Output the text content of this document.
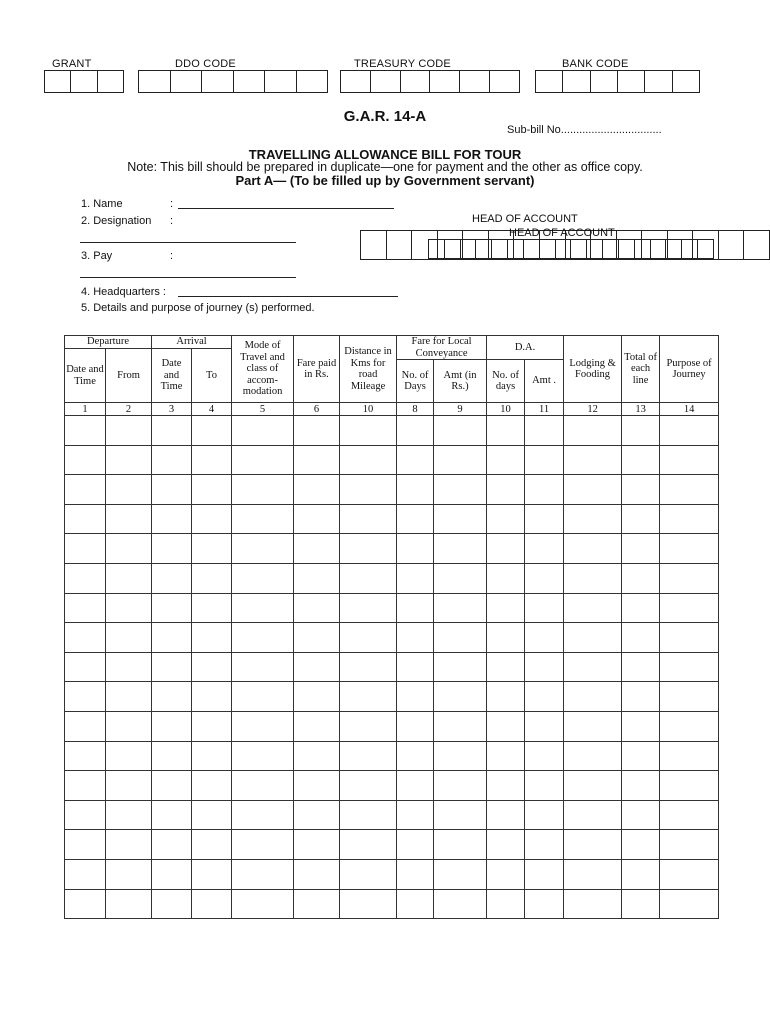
GRANT	DDO CODE	TREASURY CODE	BANK CODE
G.A.R. 14-A
Sub-bill No.................................
TRAVELLING ALLOWANCE BILL FOR TOUR
Note: This bill should be prepared in duplicate—one for payment and the other as office copy.
Part A— (To be filled up by Government servant)
1. Name	:
2. Designation :
3. Pay	:
4. Headquarters :
5. Details and purpose of journey (s) performed.
HEAD OF ACCOUNT
HEAD OF ACCOUNT
Departure		Arrival		Mode of Travel and class of accom-modation	Fare paid in Rs.	Distance in Kms for road Mileage	Fare for Local Conveyance		D.A.		Lodging & Fooding	Total of each line	Purpose of Journey
Date and Time	From	Date and Time	To										
							No. of Days	Amt (in Rs.)	No. of days	Amt .			
1	2	3	4	5	6	10	8	9	10	11	12	13	14
